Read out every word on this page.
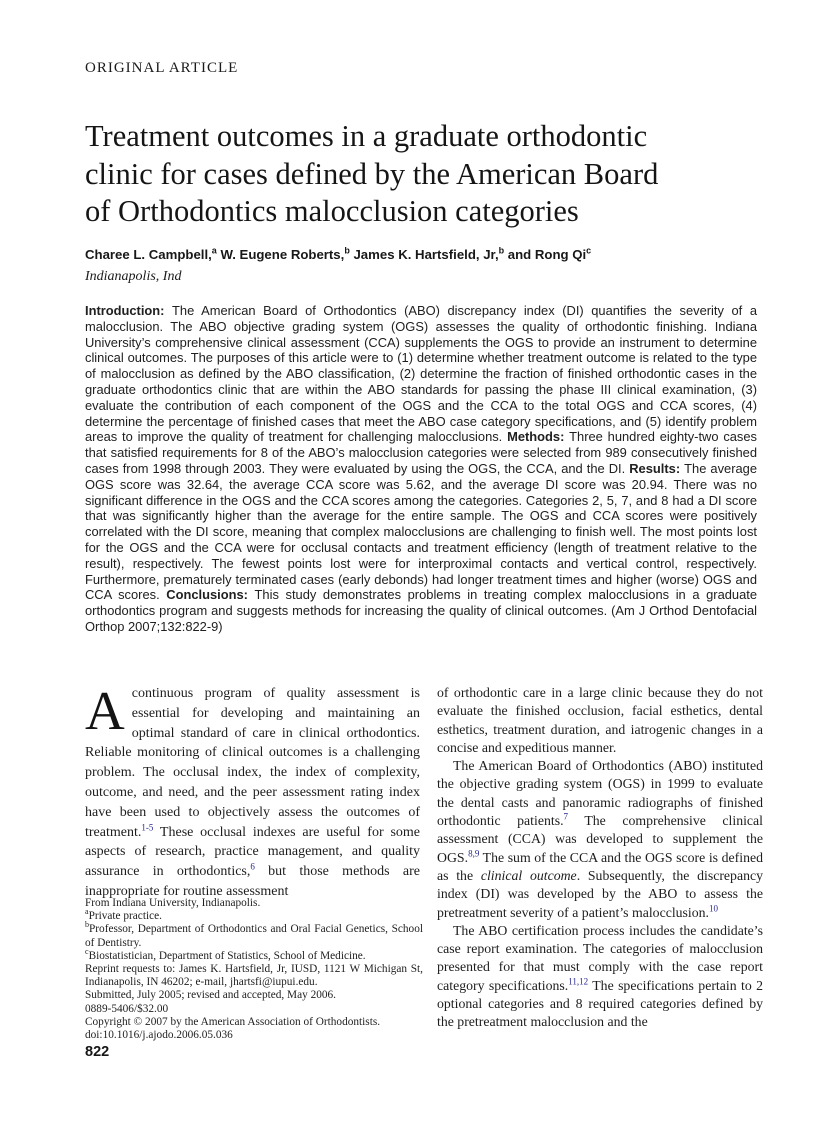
ORIGINAL ARTICLE
Treatment outcomes in a graduate orthodontic
clinic for cases defined by the American Board
of Orthodontics malocclusion categories
Charee L. Campbell,$^a$ W. Eugene Roberts,$^b$ James K. Hartsfield, Jr,$^b$ and Rong Qi$^c$
Indianapolis, Ind
Introduction: The American Board of Orthodontics (ABO) discrepancy index (DI) quantifies the severity of a malocclusion. The ABO objective grading system (OGS) assesses the quality of orthodontic finishing. Indiana University’s comprehensive clinical assessment (CCA) supplements the OGS to provide an instrument to determine clinical outcomes. The purposes of this article were to (1) determine whether treatment outcome is related to the type of malocclusion as defined by the ABO classification, (2) determine the fraction of finished orthodontic cases in the graduate orthodontics clinic that are within the ABO standards for passing the phase III clinical examination, (3) evaluate the contribution of each component of the OGS and the CCA to the total OGS and CCA scores, (4) determine the percentage of finished cases that meet the ABO case category specifications, and (5) identify problem areas to improve the quality of treatment for challenging malocclusions. Methods: Three hundred eighty-two cases that satisfied requirements for 8 of the ABO’s malocclusion categories were selected from 989 consecutively finished cases from 1998 through 2003. They were evaluated by using the OGS, the CCA, and the DI. Results: The average OGS score was 32.64, the average CCA score was 5.62, and the average DI score was 20.94. There was no significant difference in the OGS and the CCA scores among the categories. Categories 2, 5, 7, and 8 had a DI score that was significantly higher than the average for the entire sample. The OGS and CCA scores were positively correlated with the DI score, meaning that complex malocclusions are challenging to finish well. The most points lost for the OGS and the CCA were for occlusal contacts and treatment efficiency (length of treatment relative to the result), respectively. The fewest points lost were for interproximal contacts and vertical control, respectively. Furthermore, prematurely terminated cases (early debonds) had longer treatment times and higher (worse) OGS and CCA scores. Conclusions: This study demonstrates problems in treating complex malocclusions in a graduate orthodontics program and suggests methods for increasing the quality of clinical outcomes. (Am J Orthod Dentofacial Orthop 2007;132:822-9)

Acontinuous program of quality assessment is essential for developing and maintaining an optimal standard of care in clinical orthodontics. Reliable monitoring of clinical outcomes is a challenging problem. The occlusal index, the index of complexity, outcome, and need, and the peer assessment rating index have been used to objectively assess the outcomes of treatment.$^{1-5}$ These occlusal indexes are useful for some aspects of research, practice management, and quality assurance in orthodontics,$^6$ but those methods are inappropriate for routine assessment

of orthodontic care in a large clinic because they do not evaluate the finished occlusion, facial esthetics, dental esthetics, treatment duration, and iatrogenic changes in a concise and expeditious manner.

The American Board of Orthodontics (ABO) instituted the objective grading system (OGS) in 1999 to evaluate the dental casts and panoramic radiographs of finished orthodontic patients.$^7$ The comprehensive clinical assessment (CCA) was developed to supplement the OGS.$^{8,9}$ The sum of the CCA and the OGS score is defined as the clinical outcome. Subsequently, the discrepancy index (DI) was developed by the ABO to assess the pretreatment severity of a patient’s malocclusion.$^{10}$

The ABO certification process includes the candidate’s case report examination. The categories of malocclusion presented for that must comply with the case report category specifications.$^{11,12}$ The specifications pertain to 2 optional categories and 8 required categories defined by the pretreatment malocclusion and the

From Indiana University, Indianapolis.
$^a$Private practice.
$^b$Professor, Department of Orthodontics and Oral Facial Genetics, School of Dentistry.
$^c$Biostatistician, Department of Statistics, School of Medicine.
Reprint requests to: James K. Hartsfield, Jr, IUSD, 1121 W Michigan St, Indianapolis, IN 46202; e-mail, jhartsfi@iupui.edu.
Submitted, July 2005; revised and accepted, May 2006.
0889-5406/$32.00
Copyright © 2007 by the American Association of Orthodontists.
doi:10.1016/j.ajodo.2006.05.036
822
